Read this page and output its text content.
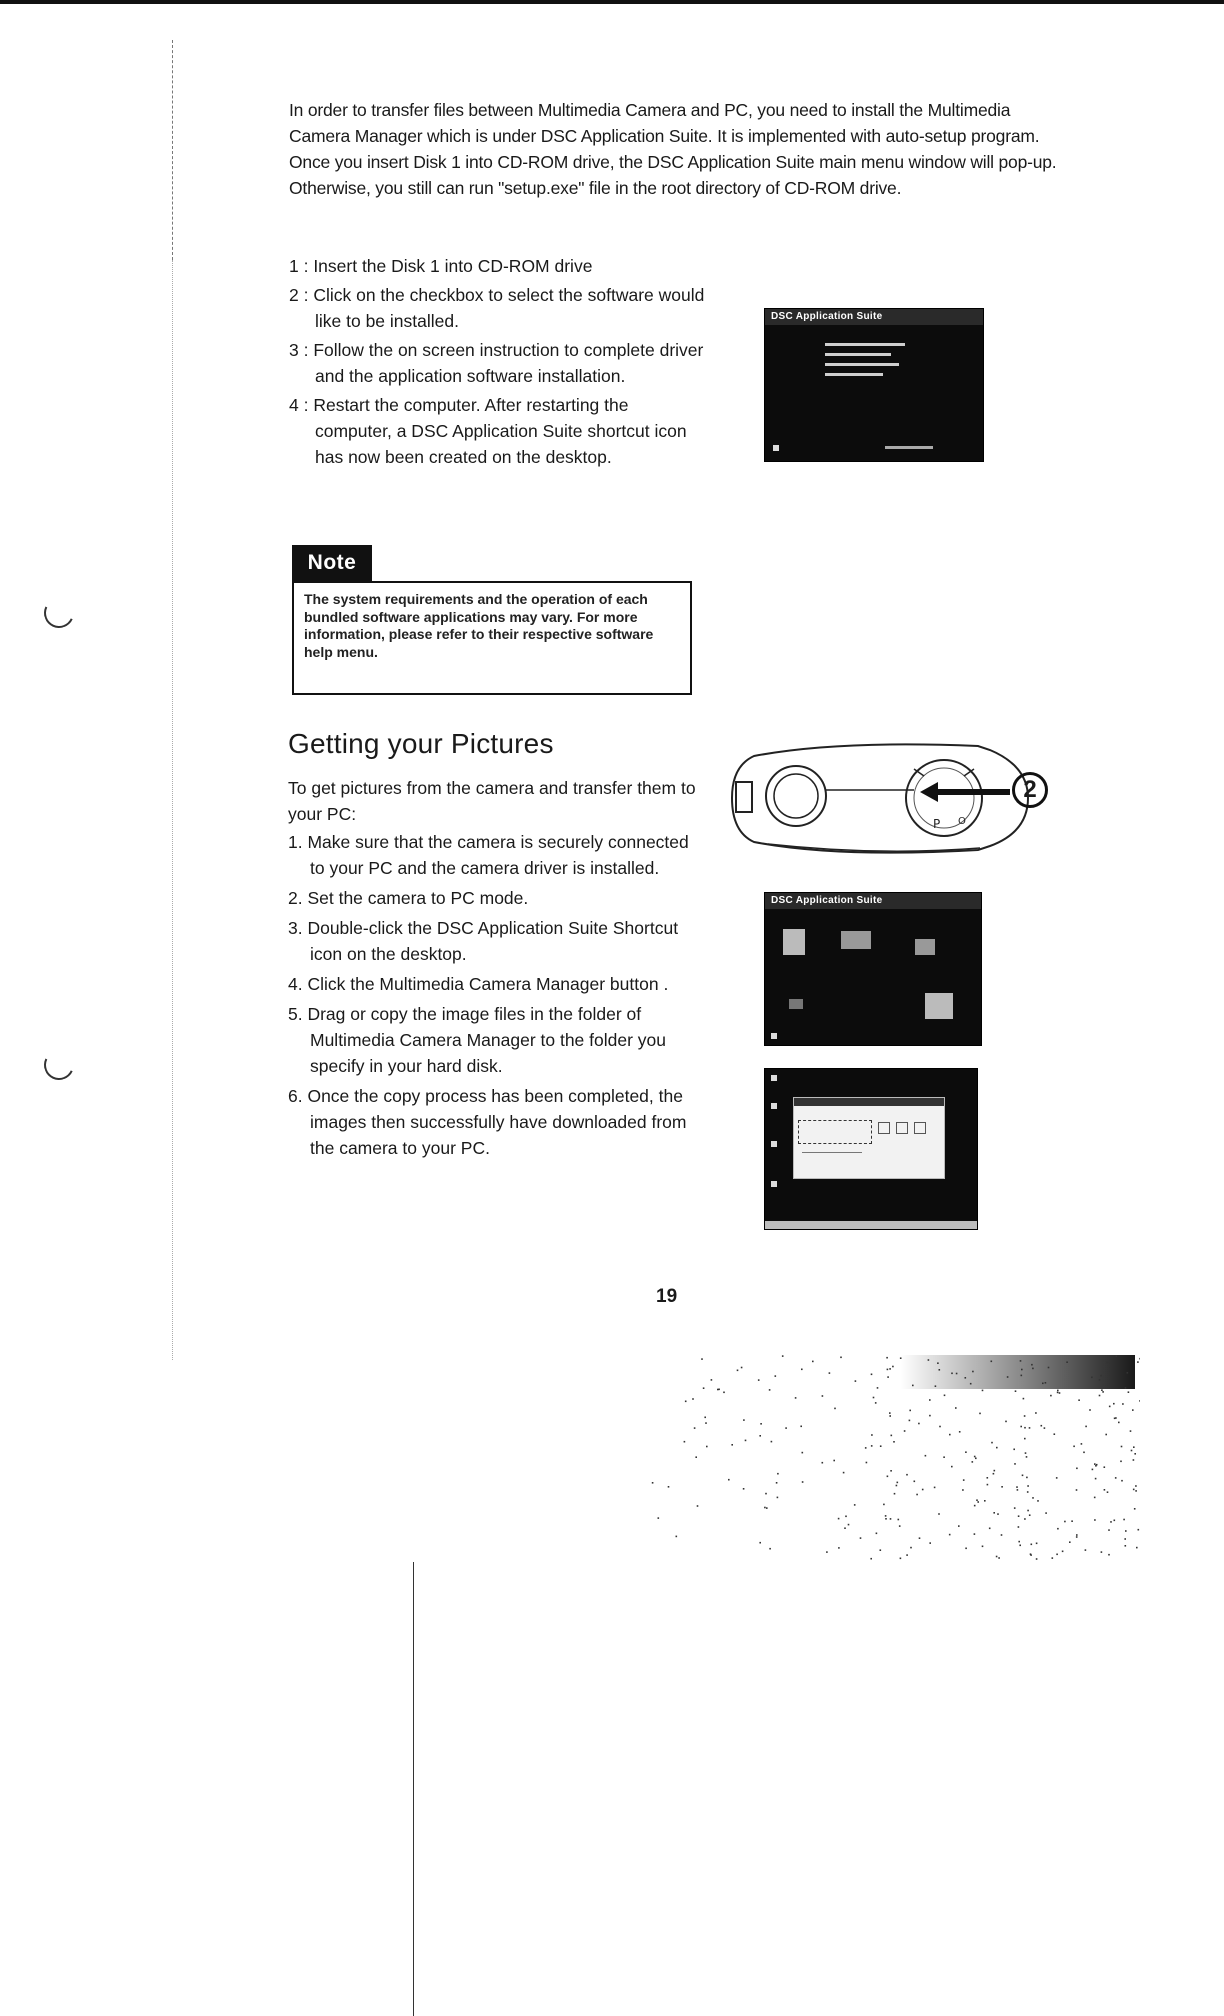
In order to transfer files between Multimedia Camera and PC, you need to install the Multimedia Camera Manager which is under DSC Application Suite. It is implemented with auto-setup program. Once you insert Disk 1 into CD-ROM drive, the DSC Application Suite main menu window will pop-up. Otherwise, you still can run "setup.exe" file in the root directory of CD-ROM drive.

1 : Insert the Disk 1 into CD-ROM drive
2 : Click on the checkbox to select the software would like to be installed.
3 : Follow the on screen instruction to complete driver and the application software installation.
4 : Restart the computer. After restarting the computer, a DSC Application Suite shortcut icon has now been created on the desktop.
DSC Application Suite
Note
The system requirements and the operation of each bundled software applications may vary. For more information, please refer to their respective software help menu.
Getting your Pictures

To get pictures from the camera and transfer them to your PC:

1. Make sure that the camera is securely connected to your PC and the camera driver is installed.
2. Set the camera to PC mode.
3. Double-click the DSC Application Suite Shortcut icon on the desktop.
4. Click the Multimedia Camera Manager button .
5. Drag or copy the image files in the folder of Multimedia Camera Manager to the folder you specify in your hard disk.
6. Once the copy process has been completed, the images then successfully have downloaded from the camera to your PC.
P O
2
DSC Application Suite
19
